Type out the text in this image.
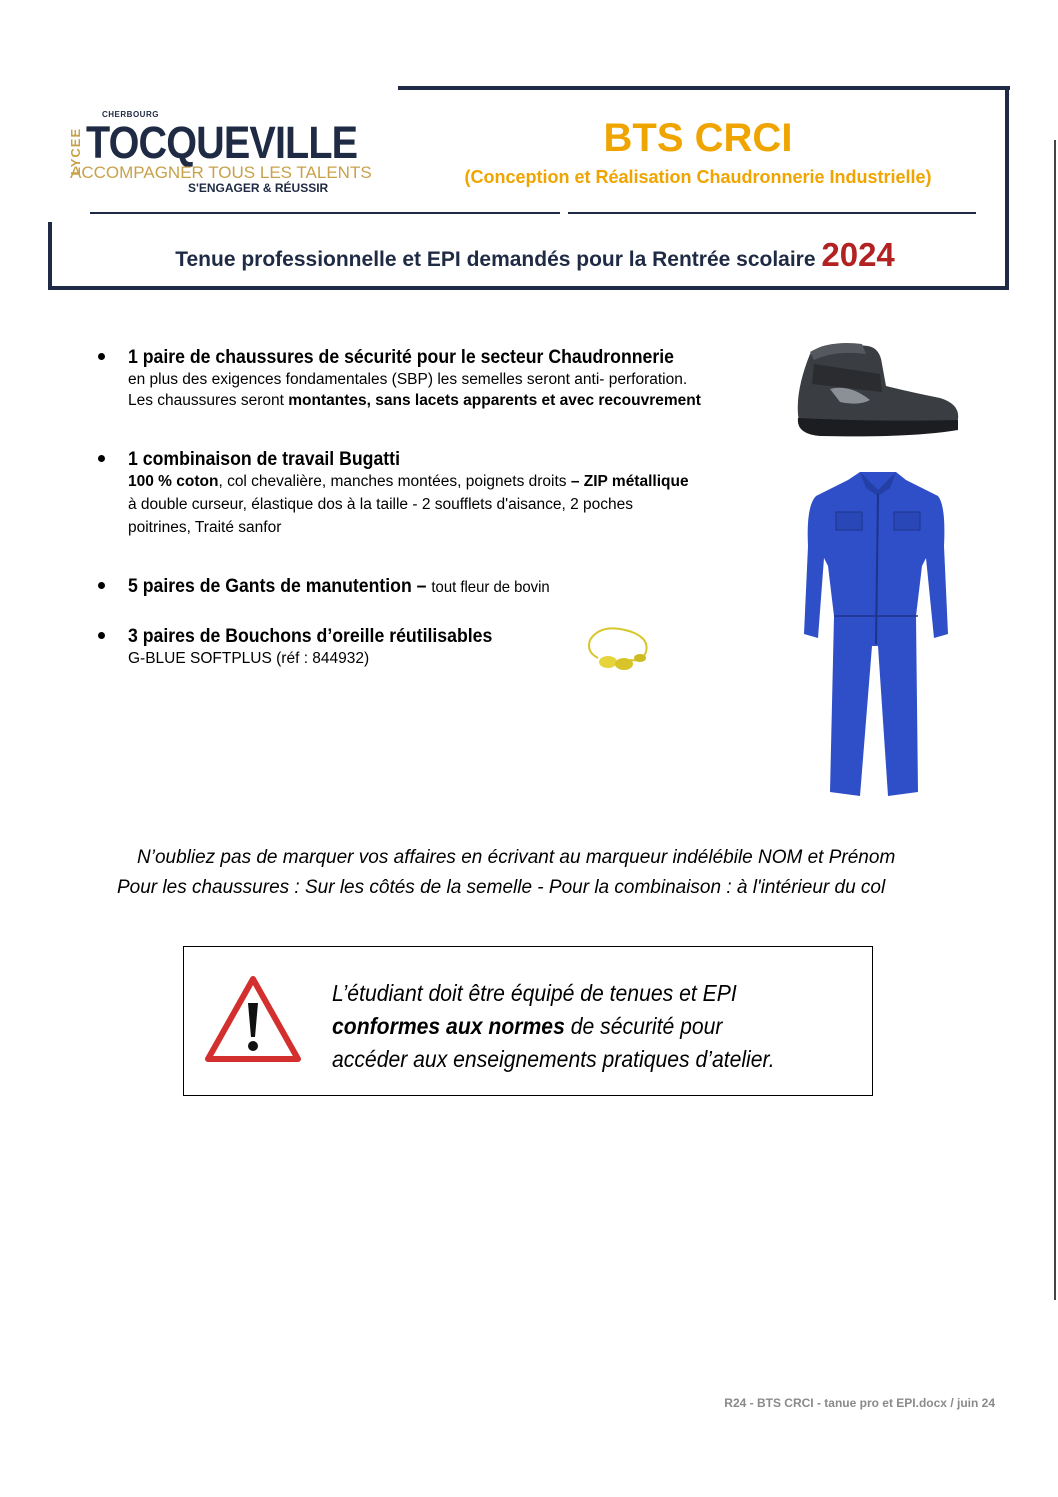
LYCEE
CHERBOURG
TOCQUEVILLE
ACCOMPAGNER TOUS LES TALENTS
S'ENGAGER & RÉUSSIR
BTS CRCI
(Conception et Réalisation Chaudronnerie Industrielle)
Tenue professionnelle et EPI demandés pour la Rentrée scolaire 2024
1 paire de chaussures de sécurité pour le secteur Chaudronnerie
en plus des exigences fondamentales (SBP) les semelles seront anti- perforation.
Les chaussures seront montantes, sans lacets apparents et avec recouvrement
1 combinaison de travail Bugatti
100 % coton, col chevalière, manches montées, poignets droits – ZIP métallique
à double curseur, élastique dos à la taille - 2 soufflets d'aisance, 2 poches
poitrines, Traité sanfor
5 paires de Gants de manutention – tout fleur de bovin
3 paires de Bouchons d’oreille réutilisables
G-BLUE SOFTPLUS (réf : 844932)
N’oubliez pas de marquer vos affaires en écrivant au marqueur indélébile NOM et Prénom
Pour les chaussures : Sur les côtés de la semelle - Pour la combinaison : à l'intérieur du col
L’étudiant doit être équipé de tenues et EPI
conformes aux normes de sécurité pour
accéder aux enseignements pratiques d’atelier.
R24 - BTS CRCI - tanue pro et EPI.docx / juin 24
